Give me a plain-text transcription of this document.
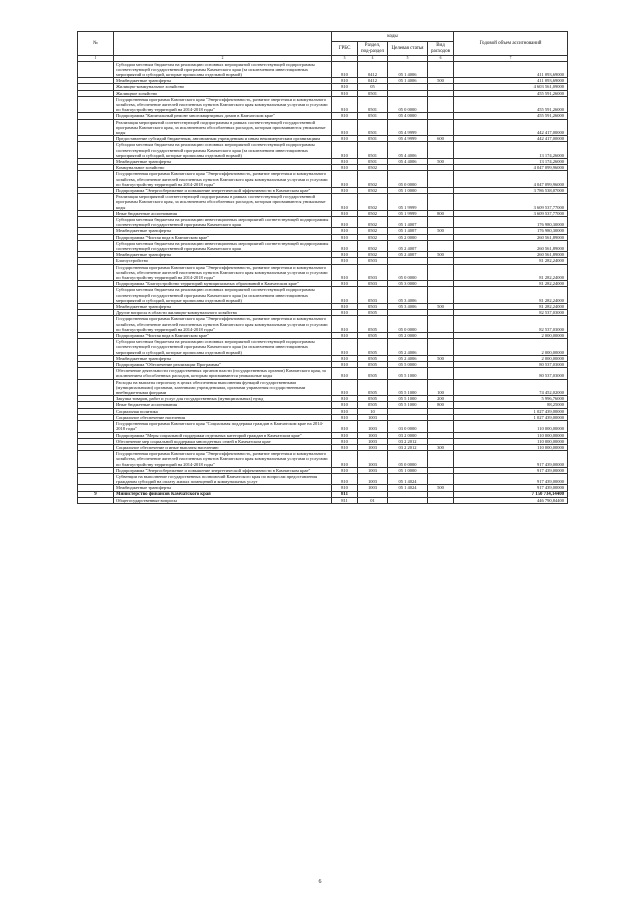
№		коды				Годовой объем ассигнований
		ГРБС	Раздел, под-раздел	Целевая статья	Вид расходов	
1	2	3	4	5	6	7
	Субсидии местным бюджетам на реализацию основных мероприятий соответствующей подпрограммы соответствующей государственной программы Камчатского края (за исключением инвестиционных мероприятий и субсидий, которые прописаны отдельной нормой)	810	0412	05 1 4006		411 093,69000
	Межбюджетные трансферты	810	0412	05 1 4006	500	411 093,69000
	Жилищно-коммунальное хозяйство	810	05			4 603 561,09000
	Жилищное хозяйство	810	0501			455 591,26000
	Государственная программа Камчатского края "Энергоэффективность, развитие энергетики и коммунального хозяйства, обеспечение жителей населенных пунктов Камчатского края коммунальными услугами и услугами по благоустройству территорий на 2014-2018 годы"	810	0501	05 0 0000		455 591,26000
	Подпрограмма "Капитальный ремонт многоквартирных домов в Камчатском крае"	810	0501	05 4 0000		455 591,26000
	Реализация мероприятий соответствующей подпрограммы в рамках соответствующей государственной программы Камчатского края, за исключением обособленных расходов, которым присваиваются уникальные коды	810	0501	05 4 9999		442 417,00000
	Предоставление субсидий бюджетным, автономным учреждениям и иным некоммерческим организациям	810	0501	05 4 9999	600	442 417,00000
	Субсидии местным бюджетам на реализацию основных мероприятий соответствующей подпрограммы соответствующей государственной программы Камчатского края (за исключением инвестиционных мероприятий и субсидий, которые прописаны отдельной нормой)	810	0501	05 4 4006		13 174,26000
	Межбюджетные трансферты	810	0501	05 4 4006	500	13 174,26000
	Коммунальное хозяйство	810	0502			4 047 099,96000
	Государственная программа Камчатского края "Энергоэффективность, развитие энергетики и коммунального хозяйства, обеспечение жителей населенных пунктов Камчатского края коммунальными услугами и услугами по благоустройству территорий на 2014-2018 годы"	810	0502	05 0 0000		4 047 099,96000
	Подпрограмма "Энергосбережение и повышение энергетической эффективности в Камчатском крае"	810	0502	05 1 0000		3 786 538,07000
	Реализация мероприятий соответствующей подпрограммы в рамках соответствующей государственной программы Камчатского края, за исключением обособленных расходов, которым присваиваются уникальные коды	810	0502	05 1 9999		3 609 537,77000
	Иные бюджетные ассигнования	810	0502	05 1 9999	800	3 609 537,77000
	Субсидии местным бюджетам на реализацию инвестиционных мероприятий соответствующей подпрограммы соответствующей государственной программы Камчатского края	810	0502	05 1 4007		176 980,30000
	Межбюджетные трансферты	810	0502	05 1 4007	500	176 980,30000
	Подпрограмма "Чистая вода в Камчатском крае"	810	0502	05 2 0000		260 561,89000
	Субсидии местным бюджетам на реализацию инвестиционных мероприятий соответствующей подпрограммы соответствующей государственной программы Камчатского края	810	0502	05 2 4007		260 561,89000
	Межбюджетные трансферты	810	0502	05 2 4007	500	260 561,89000
	Благоустройство	810	0503			81 282,24000
	Государственная программа Камчатского края "Энергоэффективность, развитие энергетики и коммунального хозяйства, обеспечение жителей населенных пунктов Камчатского края коммунальными услугами и услугами по благоустройству территорий на 2014-2018 годы"	810	0503	05 0 0000		81 282,24000
	Подпрограмма "Благоустройство территорий муниципальных образований в Камчатском крае"	810	0503	05 3 0000		81 282,24000
	Субсидии местным бюджетам на реализацию основных мероприятий соответствующей подпрограммы соответствующей государственной программы Камчатского края (за исключением инвестиционных мероприятий и субсидий, которые прописаны отдельной нормой)	810	0503	05 3 4006		81 282,24000
	Межбюджетные трансферты	810	0503	05 3 4006	500	81 282,24000
	Другие вопросы в области жилищно-коммунального хозяйства	810	0505			82 537,03000
	Государственная программа Камчатского края "Энергоэффективность, развитие энергетики и коммунального хозяйства, обеспечение жителей населенных пунктов Камчатского края коммунальными услугами и услугами по благоустройству территорий на 2014-2018 годы"	810	0505	05 0 0000		82 537,03000
	Подпрограмма "Чистая вода в Камчатском крае"	810	0505	05 2 0000		2 000,00000
	Субсидии местным бюджетам на реализацию основных мероприятий соответствующей подпрограммы соответствующей государственной программы Камчатского края (за исключением инвестиционных мероприятий и субсидий, которые прописаны отдельной нормой)	810	0505	05 2 4006		2 000,00000
	Межбюджетные трансферты	810	0505	05 2 4006	500	2 000,00000
	Подпрограмма "Обеспечение реализации Программы"	810	0505	05 5 0000		80 537,03000
	Обеспечение деятельности государственных органов власти (государственных органов) Камчатского края, за исключением обособленных расходов, которым присваиваются уникальные коды	810	0505	05 5 1000		80 537,03000
	Расходы на выплаты персоналу в целях обеспечения выполнения функций государственными (муниципальными) органами, казенными учреждениями, органами управления государственными внебюджетными фондами	810	0505	05 5 1000	100	74 452,02000
	Закупка товаров, работ и услуг для государственных (муниципальных) нужд	810	0505	05 5 1000	200	5 996,76000
	Иные бюджетные ассигнования	810	0505	05 5 1000	800	88,25000
	Социальная политика	810	10			1 027 439,00000
	Социальное обеспечение населения	810	1003			1 027 439,00000
	Государственная программа Камчатского края "Социальная поддержка граждан в Камчатском крае на 2014-2018 годы"	810	1003	03 0 0000		110 000,00000
	Подпрограмма "Меры социальной поддержки отдельных категорий граждан в Камчатском крае"	810	1003	03 2 0000		110 000,00000
	Обеспечение мер социальной поддержки многодетных семей в Камчатском крае	810	1003	03 2 2012		110 000,00000
	Социальное обеспечение и иные выплаты населению	810	1003	03 2 2012	300	110 000,00000
	Государственная программа Камчатского края "Энергоэффективность, развитие энергетики и коммунального хозяйства, обеспечение жителей населенных пунктов Камчатского края коммунальными услугами и услугами по благоустройству территорий на 2014-2018 годы"	810	1003	05 0 0000		917 439,00000
	Подпрограмма "Энергосбережение и повышение энергетической эффективности в Камчатском крае"	810	1003	05 1 0000		917 439,00000
	Субвенции на выполнение государственных полномочий Камчатского края по вопросам предоставления гражданам субсидий на оплату жилых помещений и коммунальных услуг	810	1003	05 1 4024		917 439,00000
	Межбюджетные трансферты	810	1003	05 1 4024	500	917 439,00000
9	Министерство финансов Камчатского края	811				7 150 734,14400
	Общегосударственные вопросы	811	01			446 790,84400
6
